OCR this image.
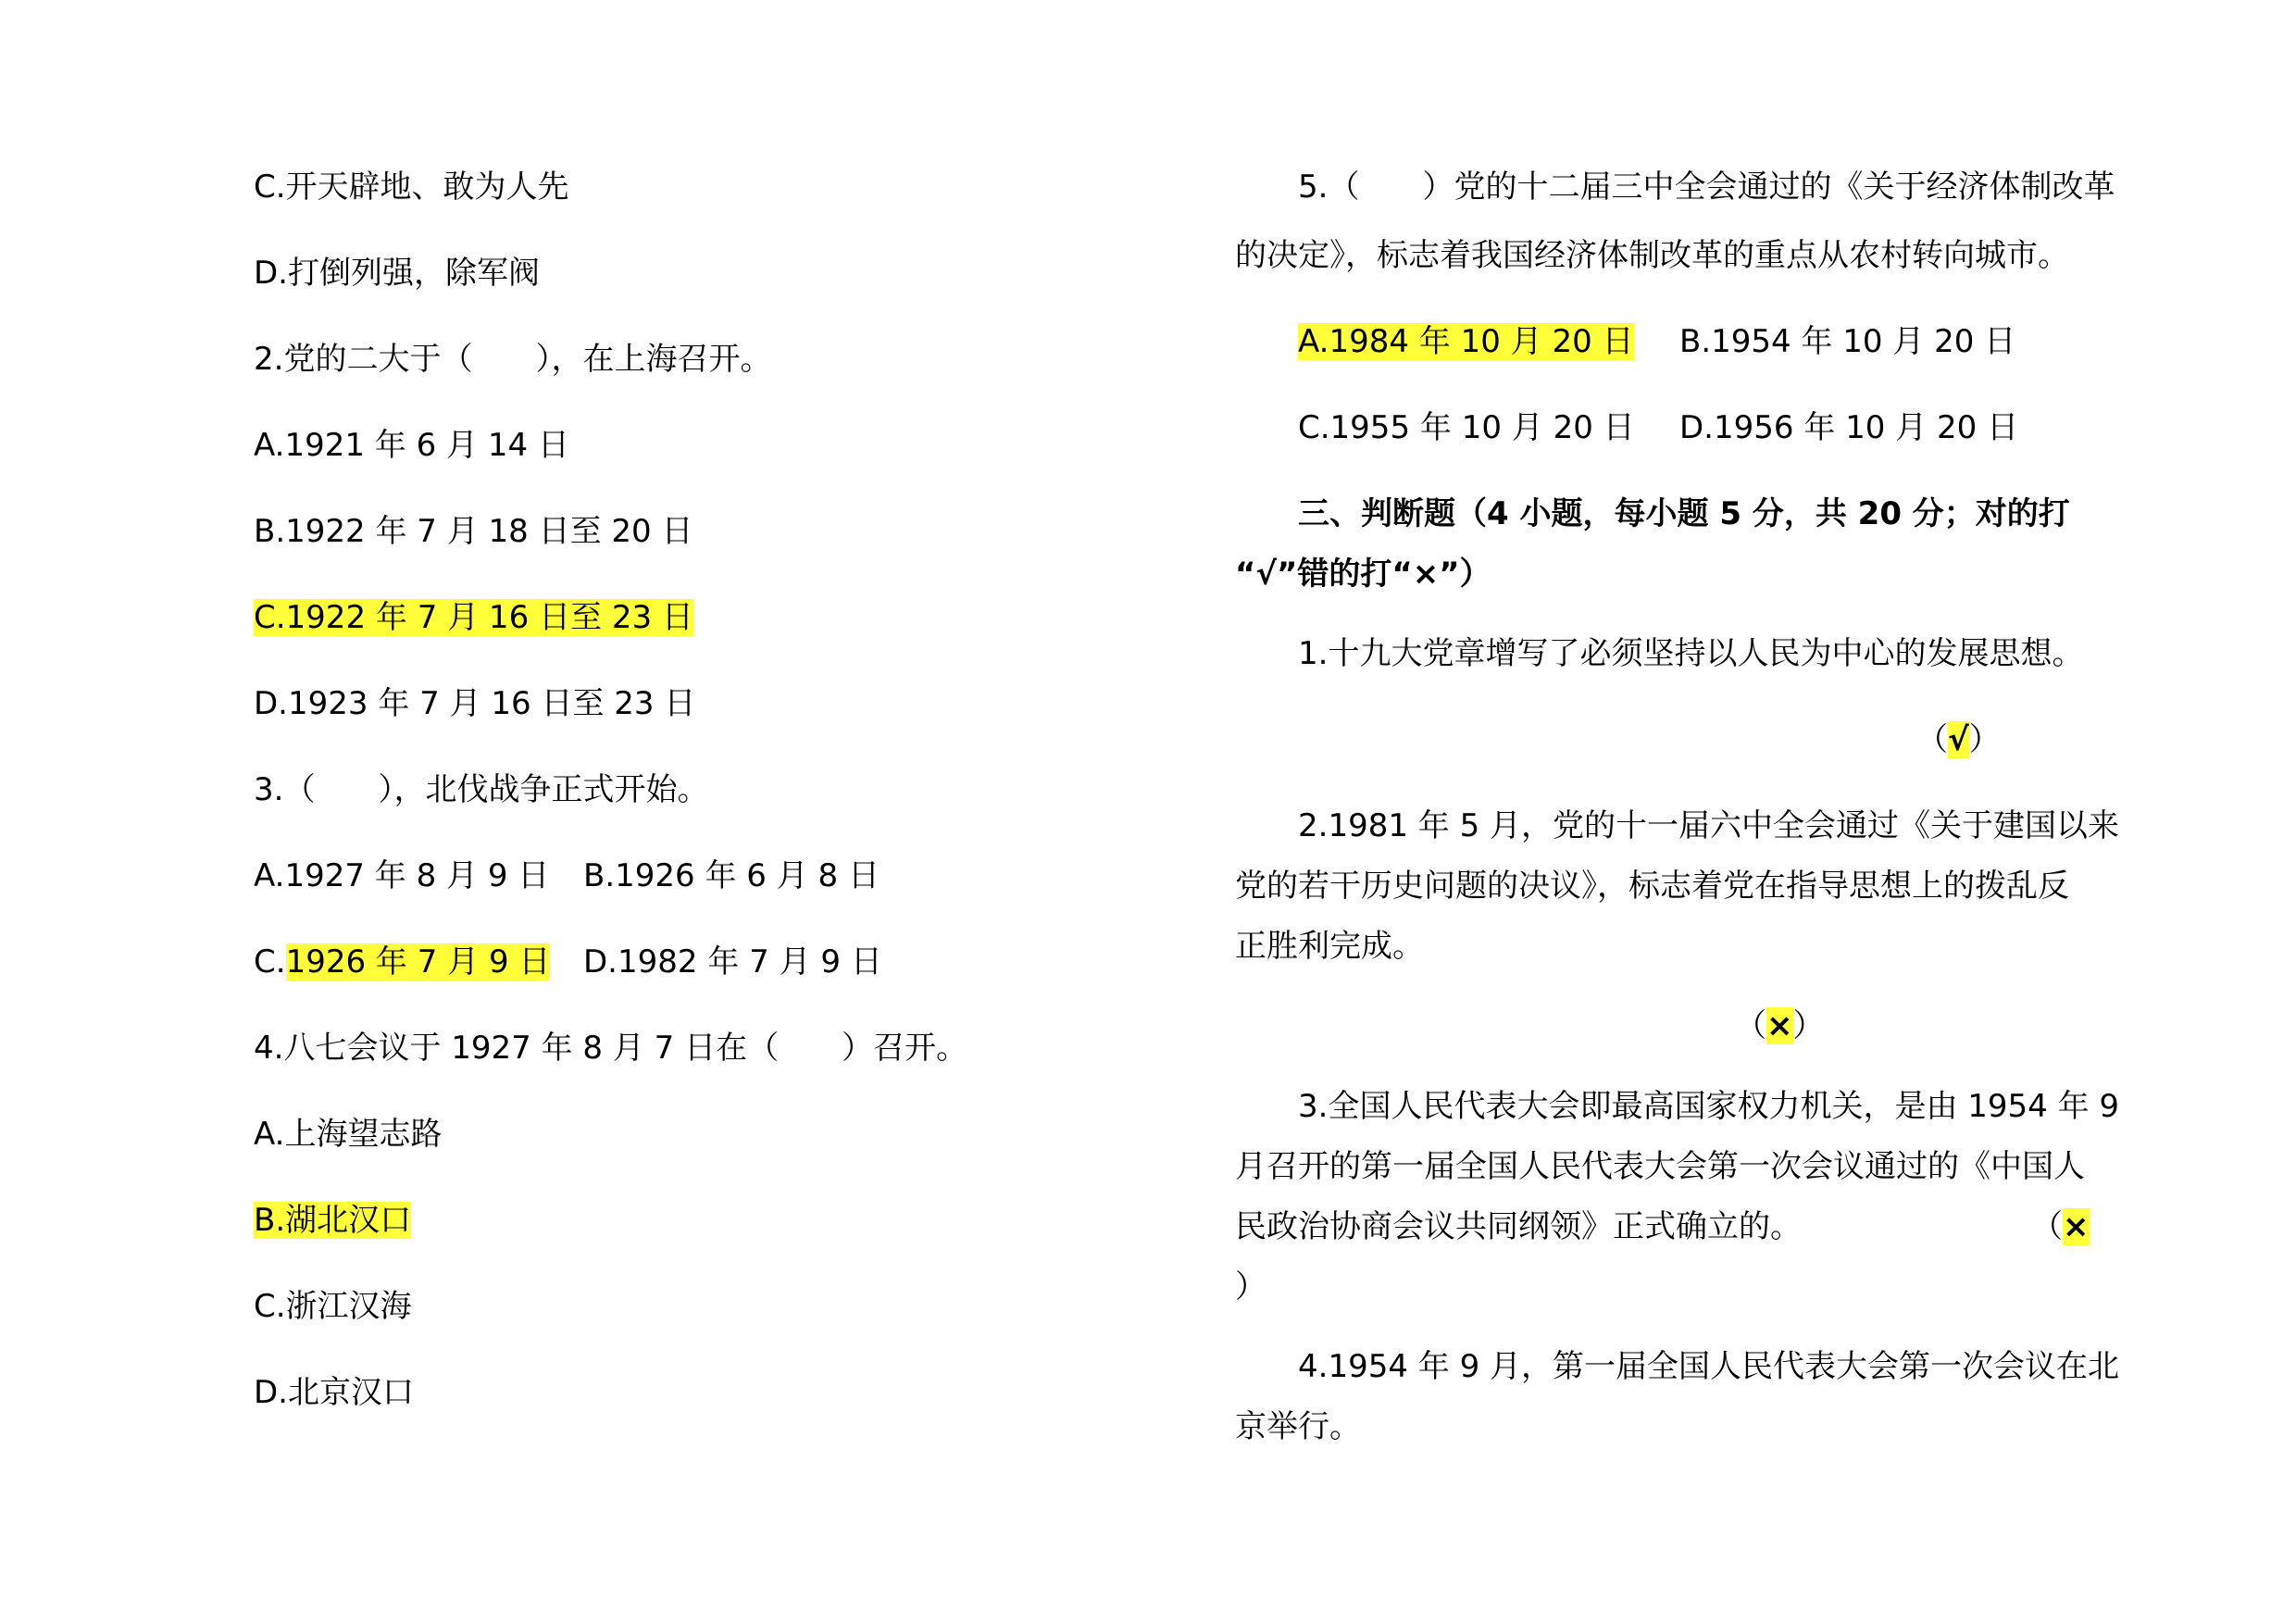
C.开天辟地、敢为人先
D.打倒列强，除军阀
2.党的二大于（　　），在上海召开。
A.1921 年 6 月 14 日
B.1922 年 7 月 18 日至 20 日
C.1922 年 7 月 16 日至 23 日
D.1923 年 7 月 16 日至 23 日
3.（　　），北伐战争正式开始。
A.1927 年 8 月 9 日 B.1926 年 6 月 8 日
C.1926 年 7 月 9 日 D.1982 年 7 月 9 日
4.八七会议于 1927 年 8 月 7 日在（　　）召开。
A.上海望志路
B.湖北汉口
C.浙江汉海
D.北京汉口
5.（　　）党的十二届三中全会通过的《关于经济体制改革
的决定》，标志着我国经济体制改革的重点从农村转向城市。
A.1984 年 10 月 20 日 B.1954 年 10 月 20 日
C.1955 年 10 月 20 日 D.1956 年 10 月 20 日
三、判断题（4 小题，每小题 5 分，共 20 分；对的打
“√”错的打“×”）
1.十九大党章增写了必须坚持以人民为中心的发展思想。
（√）
2.1981 年 5 月，党的十一届六中全会通过《关于建国以来
党的若干历史问题的决议》，标志着党在指导思想上的拨乱反
正胜利完成。
（×）
3.全国人民代表大会即最高国家权力机关，是由 1954 年 9
月召开的第一届全国人民代表大会第一次会议通过的《中国人
民政治协商会议共同纲领》正式确立的。	（×
）
4.1954 年 9 月，第一届全国人民代表大会第一次会议在北
京举行。
